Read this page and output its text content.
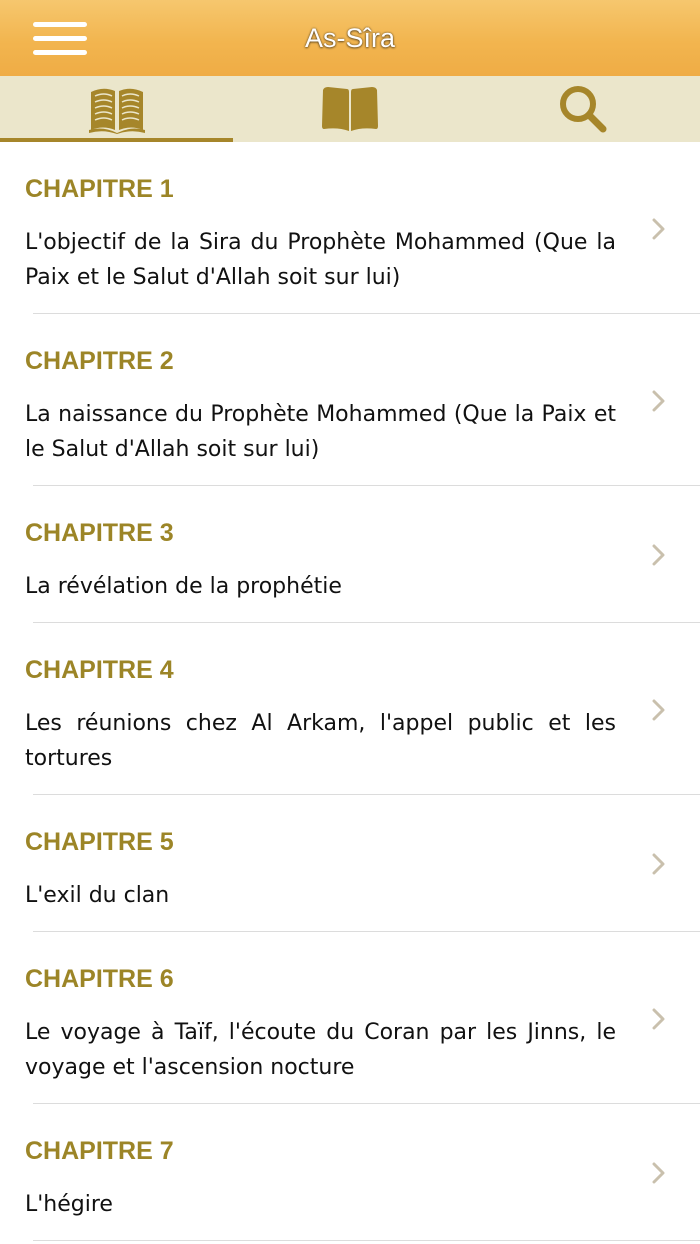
As-Sîra
CHAPITRE 1
L'objectif de la Sira du Prophète Mohammed (Que la Paix et le Salut d'Allah soit sur lui)
CHAPITRE 2
La naissance du Prophète Mohammed (Que la Paix et le Salut d'Allah soit sur lui)
CHAPITRE 3
La révélation de la prophétie
CHAPITRE 4
Les réunions chez Al Arkam, l'appel public et les tortures
CHAPITRE 5
L'exil du clan
CHAPITRE 6
Le voyage à Taïf, l'écoute du Coran par les Jinns, le voyage et l'ascension nocture
CHAPITRE 7
L'hégire
